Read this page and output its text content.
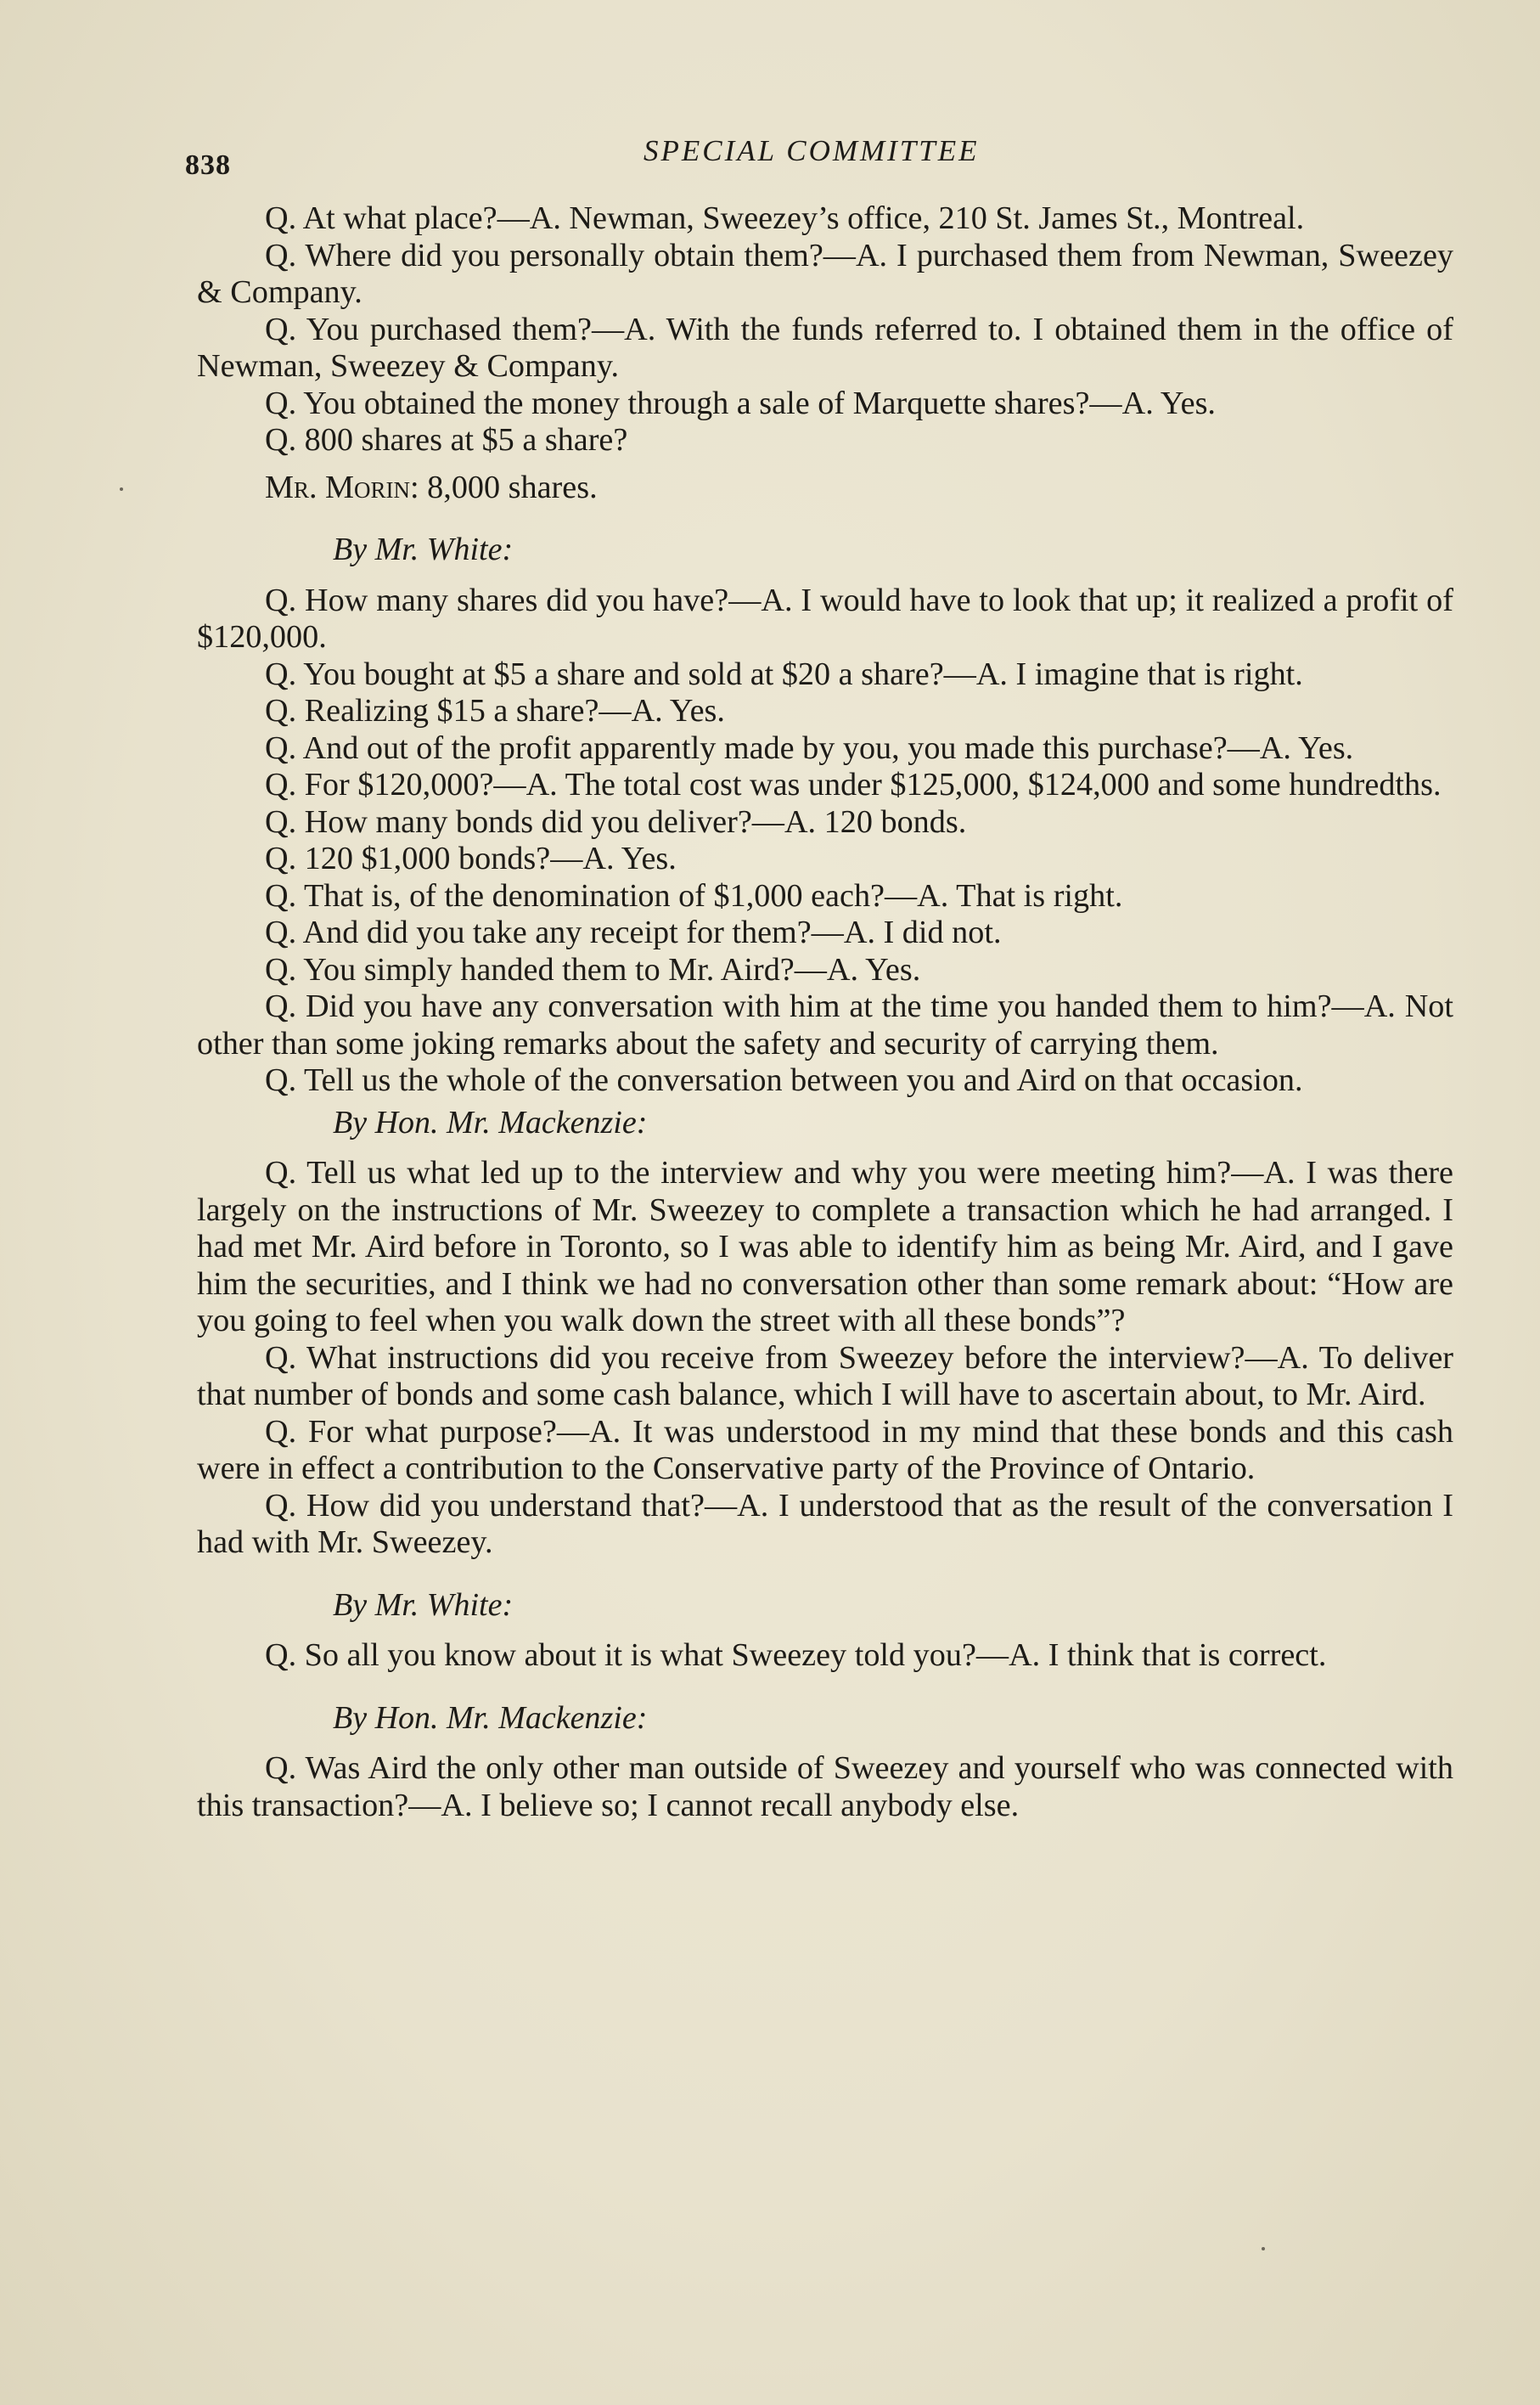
838	SPECIAL COMMITTEE

Q. At what place?—A. Newman, Sweezey’s office, 210 St. James St., Montreal.

Q. Where did you personally obtain them?—A. I purchased them from Newman, Sweezey & Company.

Q. You purchased them?—A. With the funds referred to. I obtained them in the office of Newman, Sweezey & Company.

Q. You obtained the money through a sale of Marquette shares?—A. Yes.

Q. 800 shares at $5 a share?

Mr. Morin: 8,000 shares.

By Mr. White:

Q. How many shares did you have?—A. I would have to look that up; it realized a profit of $120,000.

Q. You bought at $5 a share and sold at $20 a share?—A. I imagine that is right.

Q. Realizing $15 a share?—A. Yes.

Q. And out of the profit apparently made by you, you made this purchase?—A. Yes.

Q. For $120,000?—A. The total cost was under $125,000, $124,000 and some hundredths.

Q. How many bonds did you deliver?—A. 120 bonds.

Q. 120 $1,000 bonds?—A. Yes.

Q. That is, of the denomination of $1,000 each?—A. That is right.

Q. And did you take any receipt for them?—A. I did not.

Q. You simply handed them to Mr. Aird?—A. Yes.

Q. Did you have any conversation with him at the time you handed them to him?—A. Not other than some joking remarks about the safety and security of carrying them.

Q. Tell us the whole of the conversation between you and Aird on that occasion.

By Hon. Mr. Mackenzie:

Q. Tell us what led up to the interview and why you were meeting him?—A. I was there largely on the instructions of Mr. Sweezey to complete a transaction which he had arranged. I had met Mr. Aird before in Toronto, so I was able to identify him as being Mr. Aird, and I gave him the securities, and I think we had no conversation other than some remark about: “How are you going to feel when you walk down the street with all these bonds”?

Q. What instructions did you receive from Sweezey before the interview?—A. To deliver that number of bonds and some cash balance, which I will have to ascertain about, to Mr. Aird.

Q. For what purpose?—A. It was understood in my mind that these bonds and this cash were in effect a contribution to the Conservative party of the Province of Ontario.

Q. How did you understand that?—A. I understood that as the result of the conversation I had with Mr. Sweezey.

By Mr. White:

Q. So all you know about it is what Sweezey told you?—A. I think that is correct.

By Hon. Mr. Mackenzie:

Q. Was Aird the only other man outside of Sweezey and yourself who was connected with this transaction?—A. I believe so; I cannot recall anybody else.
